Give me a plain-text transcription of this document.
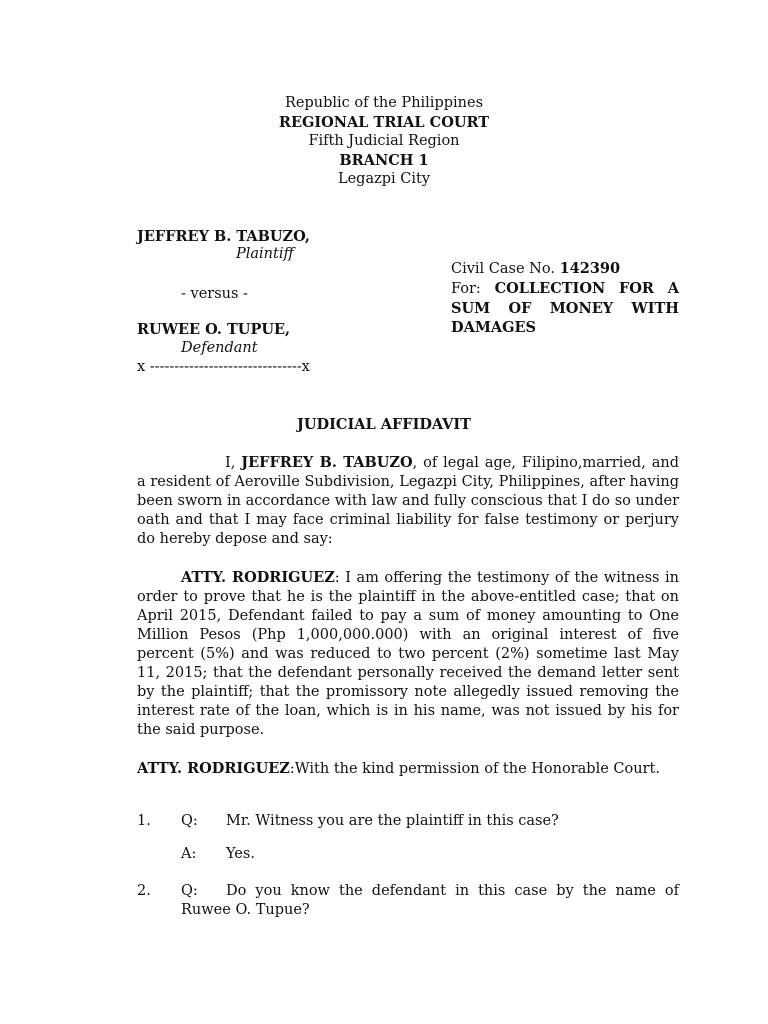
Republic of the Philippines
REGIONAL TRIAL COURT
Fifth Judicial Region
BRANCH 1
Legazpi City
JEFFREY B. TABUZO,
Plaintiff
- versus -
RUWEE O. TUPUE,
Defendant
x -------------------------------x
Civil Case No. 142390
For: COLLECTION FOR A
SUM OF MONEY WITH
DAMAGES
JUDICIAL AFFIDAVIT
I, JEFFREY B. TABUZO, of legal age, Filipino,married, and a resident of Aeroville Subdivision, Legazpi City, Philippines, after having been sworn in accordance with law and fully conscious that I do so under oath and that I may face criminal liability for false testimony or perjury do hereby depose and say:
ATTY. RODRIGUEZ: I am offering the testimony of the witness in order to prove that he is the plaintiff in the above-entitled case; that on April 2015, Defendant failed to pay a sum of money amounting to One Million Pesos (Php 1,000,000.000) with an original interest of five percent (5%) and was reduced to two percent (2%) sometime last May 11, 2015; that the defendant personally received the demand letter sent by the plaintiff; that the promissory note allegedly issued removing the interest rate of the loan, which is in his name, was not issued by his for the said purpose.
ATTY. RODRIGUEZ:With the kind permission of the Honorable Court.
1. Q: Mr. Witness you are the plaintiff in this case?
A: Yes.
2. Q: Do you know the defendant in this case by the name of
Ruwee O. Tupue?
